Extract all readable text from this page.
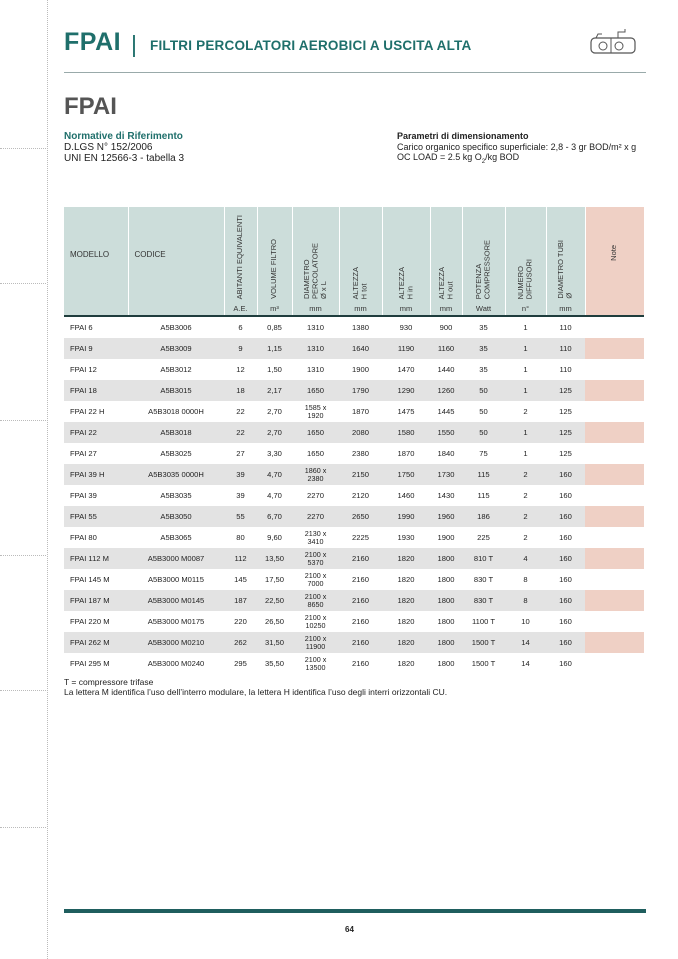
FPAI | FILTRI PERCOLATORI AEROBICI A USCITA ALTA
FPAI
Normative di Riferimento
D.LGS N° 152/2006
UNI EN 12566-3 - tabella 3
Parametri di dimensionamento
Carico organico specifico superficiale: 2,8 - 3 gr BOD/m² x g
OC LOAD = 2.5 kg $O_2/kg$ BOD
MODELLO	CODICE	ABITANTI EQUIVALENTI	VOLUME FILTRO	DIAMETRO
PERCOLATORE
Ø x L	ALTEZZA
H tot	ALTEZZA
H in	ALTEZZA
H out	POTENZA
COMPRESSORE	NUMERO
DIFFUSORI	DIAMETRO TUBI
Ø	Note
		A.E.	m³	mm	mm	mm	mm	Watt	n°	mm	

FPAI 6	A5B3006	6	0,85	1310	1380	930	900	35	1	110	
FPAI 9	A5B3009	9	1,15	1310	1640	1190	1160	35	1	110	
FPAI 12	A5B3012	12	1,50	1310	1900	1470	1440	35	1	110	
FPAI 18	A5B3015	18	2,17	1650	1790	1290	1260	50	1	125	
FPAI 22 H	A5B3018 0000H	22	2,70	1585 x
1920	1870	1475	1445	50	2	125	
FPAI 22	A5B3018	22	2,70	1650	2080	1580	1550	50	1	125	
FPAI 27	A5B3025	27	3,30	1650	2380	1870	1840	75	1	125	
FPAI 39 H	A5B3035 0000H	39	4,70	1860 x
2380	2150	1750	1730	115	2	160	
FPAI 39	A5B3035	39	4,70	2270	2120	1460	1430	115	2	160	
FPAI 55	A5B3050	55	6,70	2270	2650	1990	1960	186	2	160	
FPAI 80	A5B3065	80	9,60	2130 x
3410	2225	1930	1900	225	2	160	
FPAI 112 M	A5B3000 M0087	112	13,50	2100 x
5370	2160	1820	1800	810 T	4	160	
FPAI 145 M	A5B3000 M0115	145	17,50	2100 x
7000	2160	1820	1800	830 T	8	160	
FPAI 187 M	A5B3000 M0145	187	22,50	2100 x
8650	2160	1820	1800	830 T	8	160	
FPAI 220 M	A5B3000 M0175	220	26,50	2100 x
10250	2160	1820	1800	1100 T	10	160	
FPAI 262 M	A5B3000 M0210	262	31,50	2100 x
11900	2160	1820	1800	1500 T	14	160	
FPAI 295 M	A5B3000 M0240	295	35,50	2100 x
13500	2160	1820	1800	1500 T	14	160	
T = compressore trifase
La lettera M identifica l’uso dell’interro modulare, la lettera H identifica l’uso degli interri orizzontali CU.
64
